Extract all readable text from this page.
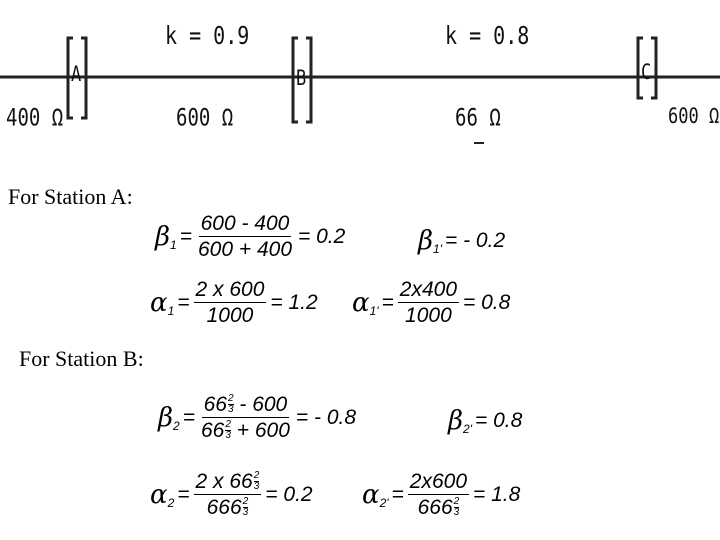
A	B	C
k = 0.9	k = 0.8
400 Ω	600 Ω	66 Ω	600 Ω
For Station A:
β $1 = \frac{600 - 400}{600 + 400} = 0.2$	β 1' = - 0.2
α $1 = \frac{2 x 600}{1000} = 1.2$ α $1' = \frac{2x400}{1000} = 0.8$
For Station B:
β $2 = \frac{66 \frac{2}{3} - 600}{66 \frac{2}{3} + 600}$ = - 0.8	β 2' = 0.8
α $2 = \frac{2 x 66 \frac{2}{3}}{666 \frac{2}{3}} = 0.2$ α $2' = \frac{2x600}{666 \frac{2}{3}} = 1.8$
